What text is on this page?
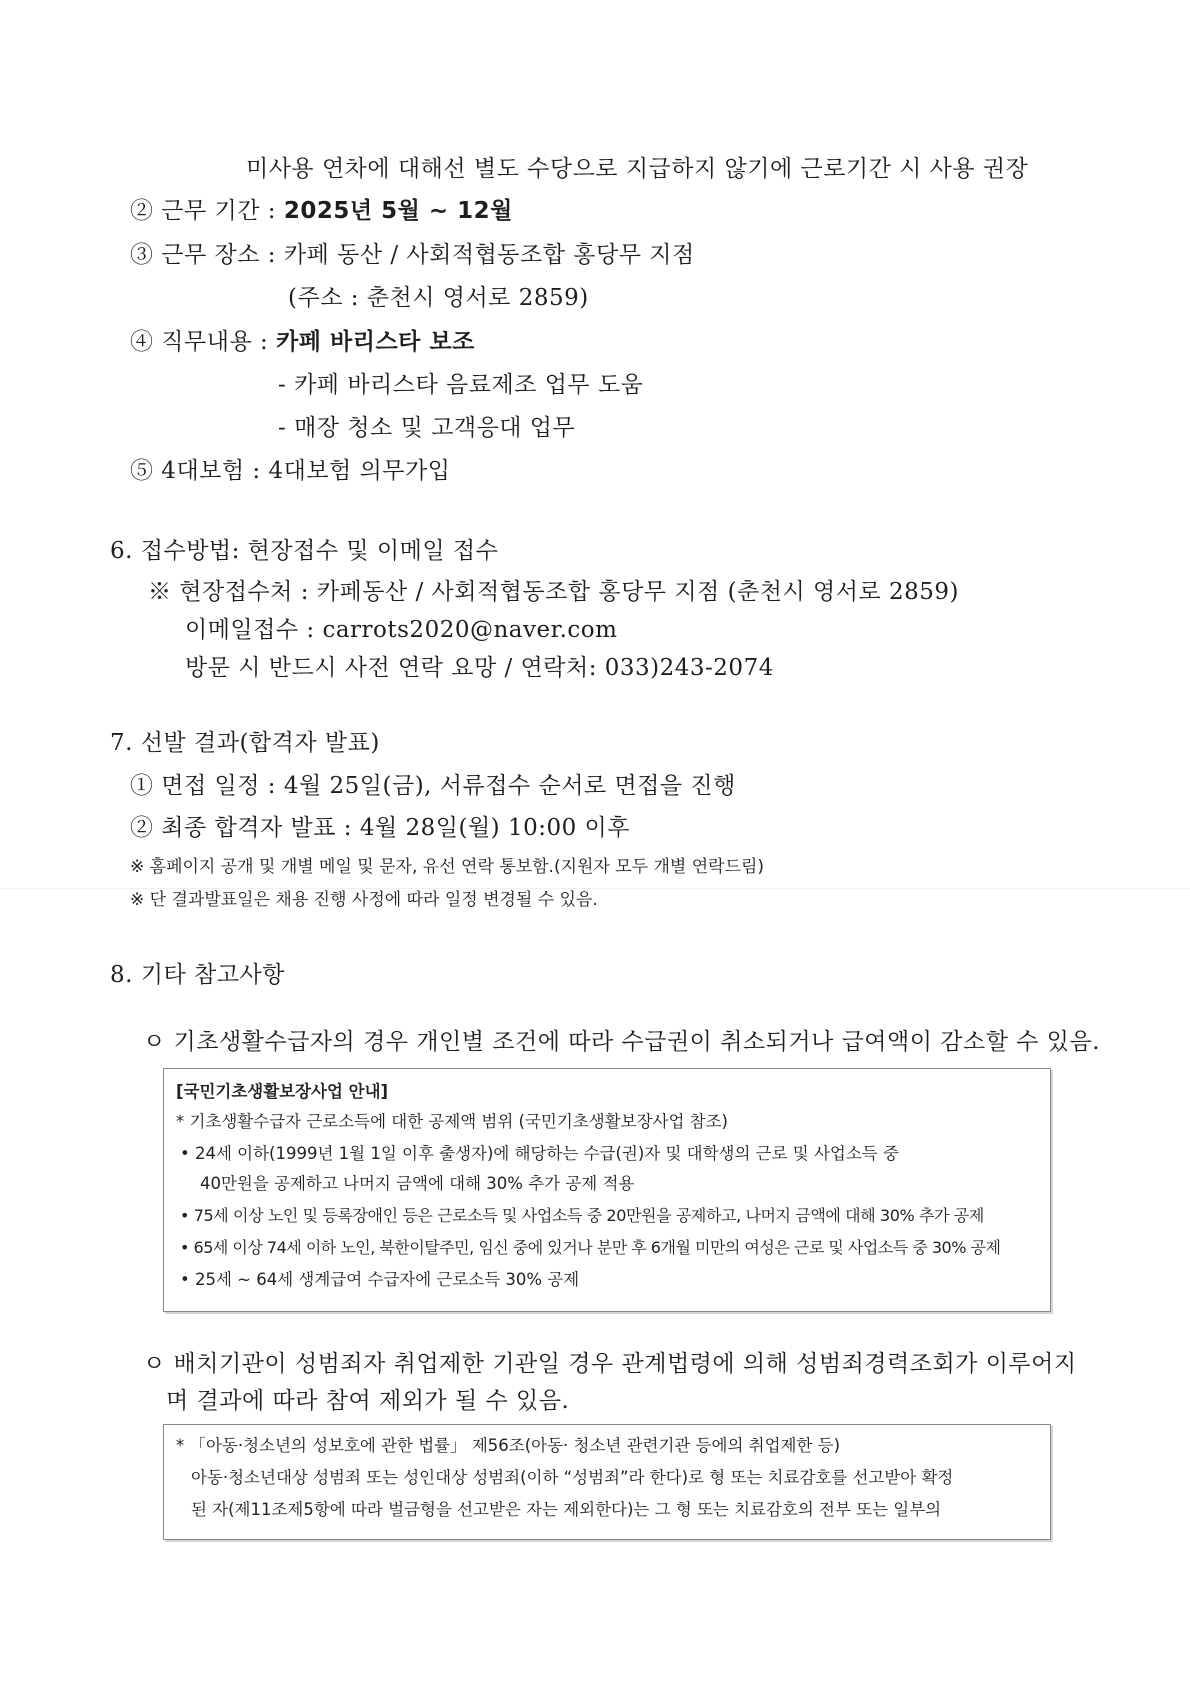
미사용 연차에 대해선 별도 수당으로 지급하지 않기에 근로기간 시 사용 권장
② 근무 기간 : 2025년 5월 ~ 12월
③ 근무 장소 : 카페 동산 / 사회적협동조합 홍당무 지점
(주소 : 춘천시 영서로 2859)
④ 직무내용 : 카페 바리스타 보조
- 카페 바리스타 음료제조 업무 도움
- 매장 청소 및 고객응대 업무
⑤ 4대보험 : 4대보험 의무가입
6. 접수방법: 현장접수 및 이메일 접수
※ 현장접수처 : 카페동산 / 사회적협동조합 홍당무 지점 (춘천시 영서로 2859)
이메일접수 : carrots2020@naver.com
방문 시 반드시 사전 연락 요망 / 연락처: 033)243-2074
7. 선발 결과(합격자 발표)
① 면접 일정 : 4월 25일(금), 서류접수 순서로 면접을 진행
② 최종 합격자 발표 : 4월 28일(월) 10:00 이후
※ 홈페이지 공개 및 개별 메일 및 문자, 유선 연락 통보함.(지원자 모두 개별 연락드림)
※ 단 결과발표일은 채용 진행 사정에 따라 일정 변경될 수 있음.
8. 기타 참고사항
ㅇ 기초생활수급자의 경우 개인별 조건에 따라 수급권이 취소되거나 급여액이 감소할 수 있음.
[국민기초생활보장사업 안내]
* 기초생활수급자 근로소득에 대한 공제액 범위 (국민기초생활보장사업 참조)
• 24세 이하(1999년 1월 1일 이후 출생자)에 해당하는 수급(권)자 및 대학생의 근로 및 사업소득 중
40만원을 공제하고 나머지 금액에 대해 30% 추가 공제 적용
• 75세 이상 노인 및 등록장애인 등은 근로소득 및 사업소득 중 20만원을 공제하고, 나머지 금액에 대해 30% 추가 공제
• 65세 이상 74세 이하 노인, 북한이탈주민, 임신 중에 있거나 분만 후 6개월 미만의 여성은 근로 및 사업소득 중 30% 공제
• 25세 ~ 64세 생계급여 수급자에 근로소득 30% 공제
ㅇ 배치기관이 성범죄자 취업제한 기관일 경우 관계법령에 의해 성범죄경력조회가 이루어지
며 결과에 따라 참여 제외가 될 수 있음.
* 「아동·청소년의 성보호에 관한 법률」 제56조(아동· 청소년 관련기관 등에의 취업제한 등)
아동·청소년대상 성범죄 또는 성인대상 성범죄(이하 “성범죄”라 한다)로 형 또는 치료감호를 선고받아 확정
된 자(제11조제5항에 따라 벌금형을 선고받은 자는 제외한다)는 그 형 또는 치료감호의 전부 또는 일부의
